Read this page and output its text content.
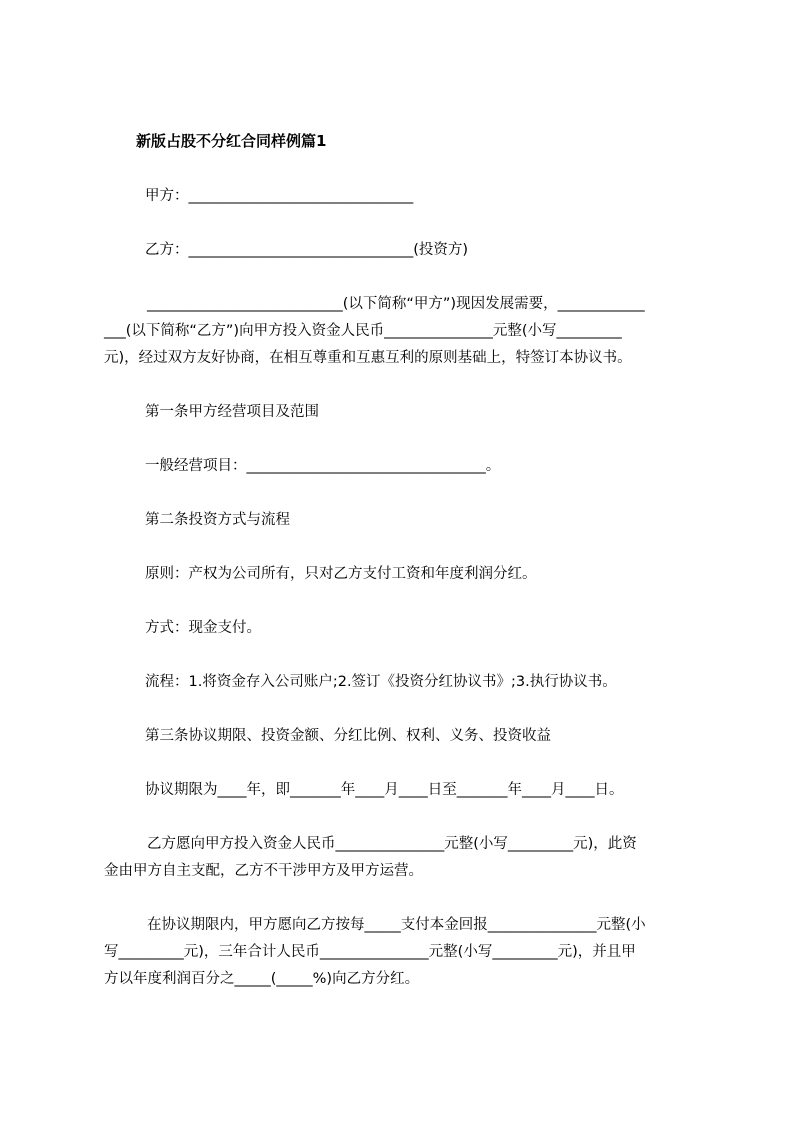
新版占股不分红合同样例篇1

甲方：_______________________________

乙方：_______________________________(投资方)

___________________________(以下简称“甲方”)现因发展需要，____________

___(以下简称“乙方”)向甲方投入资金人民币_______________元整(小写_________

元)，经过双方友好协商，在相互尊重和互惠互利的原则基础上，特签订本协议书。

第一条甲方经营项目及范围

一般经营项目：_________________________________。

第二条投资方式与流程

原则：产权为公司所有，只对乙方支付工资和年度利润分红。

方式：现金支付。

流程：1.将资金存入公司账户;2.签订《投资分红协议书》;3.执行协议书。

第三条协议期限、投资金额、分红比例、权利、义务、投资收益

协议期限为____年，即_______年____月____日至_______年____月____日。

乙方愿向甲方投入资金人民币_______________元整(小写_________元)，此资

金由甲方自主支配，乙方不干涉甲方及甲方运营。

在协议期限内，甲方愿向乙方按每_____支付本金回报_______________元整(小

写_________元)，三年合计人民币_______________元整(小写_________元)，并且甲

方以年度利润百分之_____(_____%)向乙方分红。
